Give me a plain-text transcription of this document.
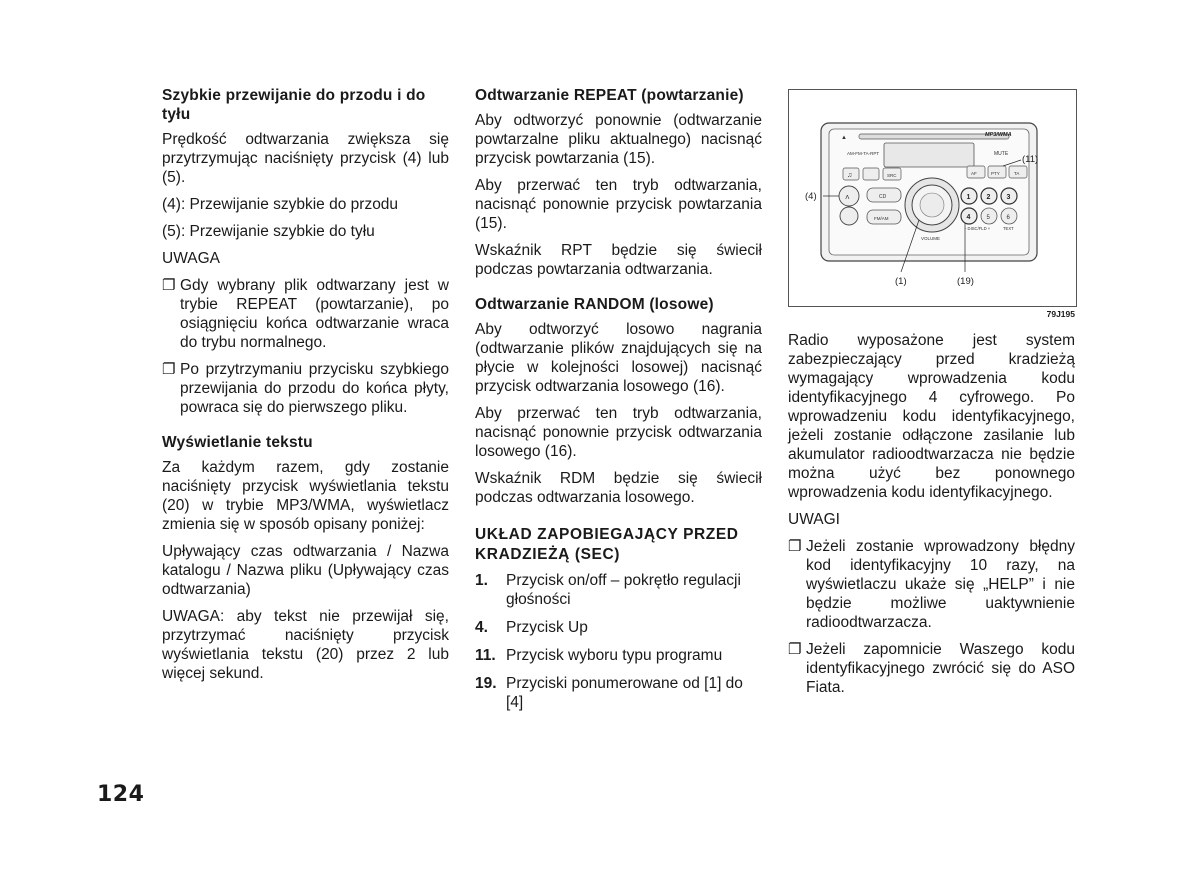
Szybkie przewijanie do przodu i do tyłu

Prędkość odtwarzania zwiększa się przytrzymując naciśnięty przycisk (4) lub (5).

(4): Przewijanie szybkie do przodu

(5): Przewijanie szybkie do tyłu

UWAGA
❐ Gdy wybrany plik odtwarzany jest w trybie REPEAT (powtarzanie), po osiągnięciu końca odtwarzanie wraca do trybu normalnego.
❐ Po przytrzymaniu przycisku szybkiego przewijania do przodu do końca płyty, powraca się do pierwszego pliku.
Wyświetlanie tekstu

Za każdym razem, gdy zostanie naciśnięty przycisk wyświetlania tekstu (20) w trybie MP3/WMA, wyświetlacz zmienia się w sposób opisany poniżej:

Upływający czas odtwarzania / Nazwa katalogu / Nazwa pliku (Upływający czas odtwarzania)

UWAGA: aby tekst nie przewijał się, przytrzymać naciśnięty przycisk wyświetlania tekstu (20) przez 2 lub więcej sekund.

Odtwarzanie REPEAT (powtarzanie)

Aby odtworzyć ponownie (odtwarzanie powtarzalne pliku aktualnego) nacisnąć przycisk powtarzania (15).

Aby przerwać ten tryb odtwarzania, nacisnąć ponownie przycisk powtarzania (15).

Wskaźnik RPT będzie się świecił podczas powtarzania odtwarzania.

Odtwarzanie RANDOM (losowe)

Aby odtworzyć losowo nagrania (odtwarzanie plików znajdujących się na płycie w kolejności losowej) nacisnąć przycisk odtwarzania losowego (16).

Aby przerwać ten tryb odtwarzania, nacisnąć ponownie przycisk odtwarzania losowego (16).

Wskaźnik RDM będzie się świecił podczas odtwarzania losowego.

UKŁAD ZAPOBIEGAJĄCY PRZED KRADZIEŻĄ (SEC)
1.	Przycisk on/off – pokrętło regulacji głośności
4.	Przycisk Up
11. Przycisk wyboru typu programu
19. Przyciski ponumerowane od [1] do [4]
▲	MP3/WMA
AM-FM-TA-RPT	MUTE
♫	SRC	AF	PTY	TA
˄	CD
FM/AM
VOLUME
1 2 3
4	5	6
- DISC/FLD +	TEXT
(11)
(4)
(1)	(19)
79J195

Radio wyposażone jest system zabezpieczający przed kradzieżą wymagający wprowadzenia kodu identyfikacyjnego 4 cyfrowego. Po wprowadzeniu kodu identyfikacyjnego, jeżeli zostanie odłączone zasilanie lub akumulator radioodtwarzacza nie będzie można użyć bez ponownego wprowadzenia kodu identyfikacyjnego.

UWAGI
❐ Jeżeli zostanie wprowadzony błędny kod identyfikacyjny 10 razy, na wyświetlaczu ukaże się „HELP” i nie będzie możliwe uaktywnienie radioodtwarzacza.
❐ Jeżeli zapomnicie Waszego kodu identyfikacyjnego zwrócić się do ASO Fiata.
124
